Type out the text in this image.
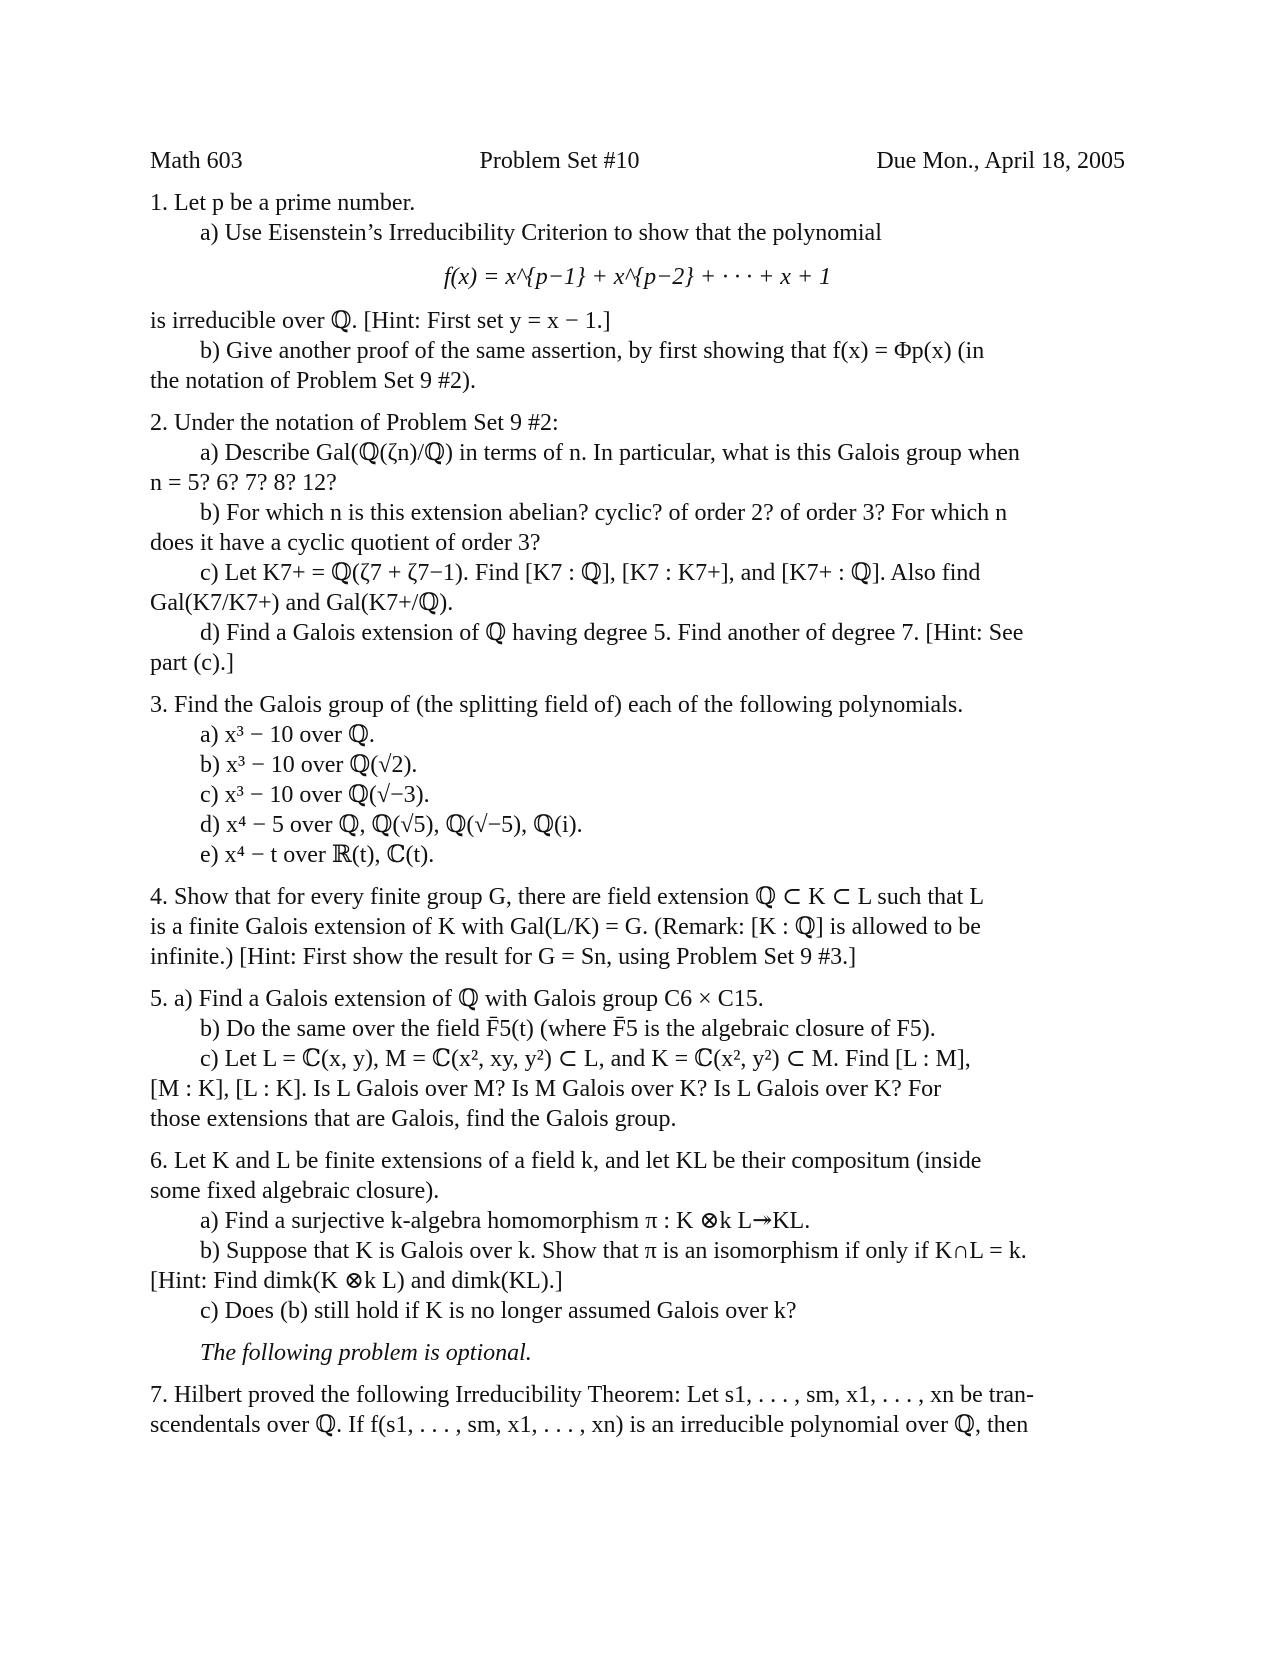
Math 603	Problem Set #10	Due Mon., April 18, 2005
1. Let p be a prime number.
a) Use Eisenstein’s Irreducibility Criterion to show that the polynomial
f(x) = x^{p−1} + x^{p−2} + · · · + x + 1
is irreducible over ℚ. [Hint: First set y = x − 1.]
b) Give another proof of the same assertion, by first showing that f(x) = Φp(x) (in
the notation of Problem Set 9 #2).
2. Under the notation of Problem Set 9 #2:
a) Describe Gal(ℚ(ζn)/ℚ) in terms of n. In particular, what is this Galois group when
n = 5? 6? 7? 8? 12?
b) For which n is this extension abelian? cyclic? of order 2? of order 3? For which n
does it have a cyclic quotient of order 3?
c) Let K7+ = ℚ(ζ7 + ζ7−1). Find [K7 : ℚ], [K7 : K7+], and [K7+ : ℚ]. Also find
Gal(K7/K7+) and Gal(K7+/ℚ).
d) Find a Galois extension of ℚ having degree 5. Find another of degree 7. [Hint: See
part (c).]
3. Find the Galois group of (the splitting field of) each of the following polynomials.
a) x³ − 10 over ℚ.
b) x³ − 10 over ℚ(√2).
c) x³ − 10 over ℚ(√−3).
d) x⁴ − 5 over ℚ, ℚ(√5), ℚ(√−5), ℚ(i).
e) x⁴ − t over ℝ(t), ℂ(t).
4. Show that for every finite group G, there are field extension ℚ ⊂ K ⊂ L such that L
is a finite Galois extension of K with Gal(L/K) = G. (Remark: [K : ℚ] is allowed to be
infinite.) [Hint: First show the result for G = Sn, using Problem Set 9 #3.]
5. a) Find a Galois extension of ℚ with Galois group C6 × C15.
b) Do the same over the field F̄5(t) (where F̄5 is the algebraic closure of F5).
c) Let L = ℂ(x, y), M = ℂ(x², xy, y²) ⊂ L, and K = ℂ(x², y²) ⊂ M. Find [L : M],
[M : K], [L : K]. Is L Galois over M? Is M Galois over K? Is L Galois over K? For
those extensions that are Galois, find the Galois group.
6. Let K and L be finite extensions of a field k, and let KL be their compositum (inside
some fixed algebraic closure).
a) Find a surjective k-algebra homomorphism π : K ⊗k L↠KL.
b) Suppose that K is Galois over k. Show that π is an isomorphism if only if K∩L = k.
[Hint: Find dimk(K ⊗k L) and dimk(KL).]
c) Does (b) still hold if K is no longer assumed Galois over k?
The following problem is optional.
7. Hilbert proved the following Irreducibility Theorem: Let s1, . . . , sm, x1, . . . , xn be tran-
scendentals over ℚ. If f(s1, . . . , sm, x1, . . . , xn) is an irreducible polynomial over ℚ, then
